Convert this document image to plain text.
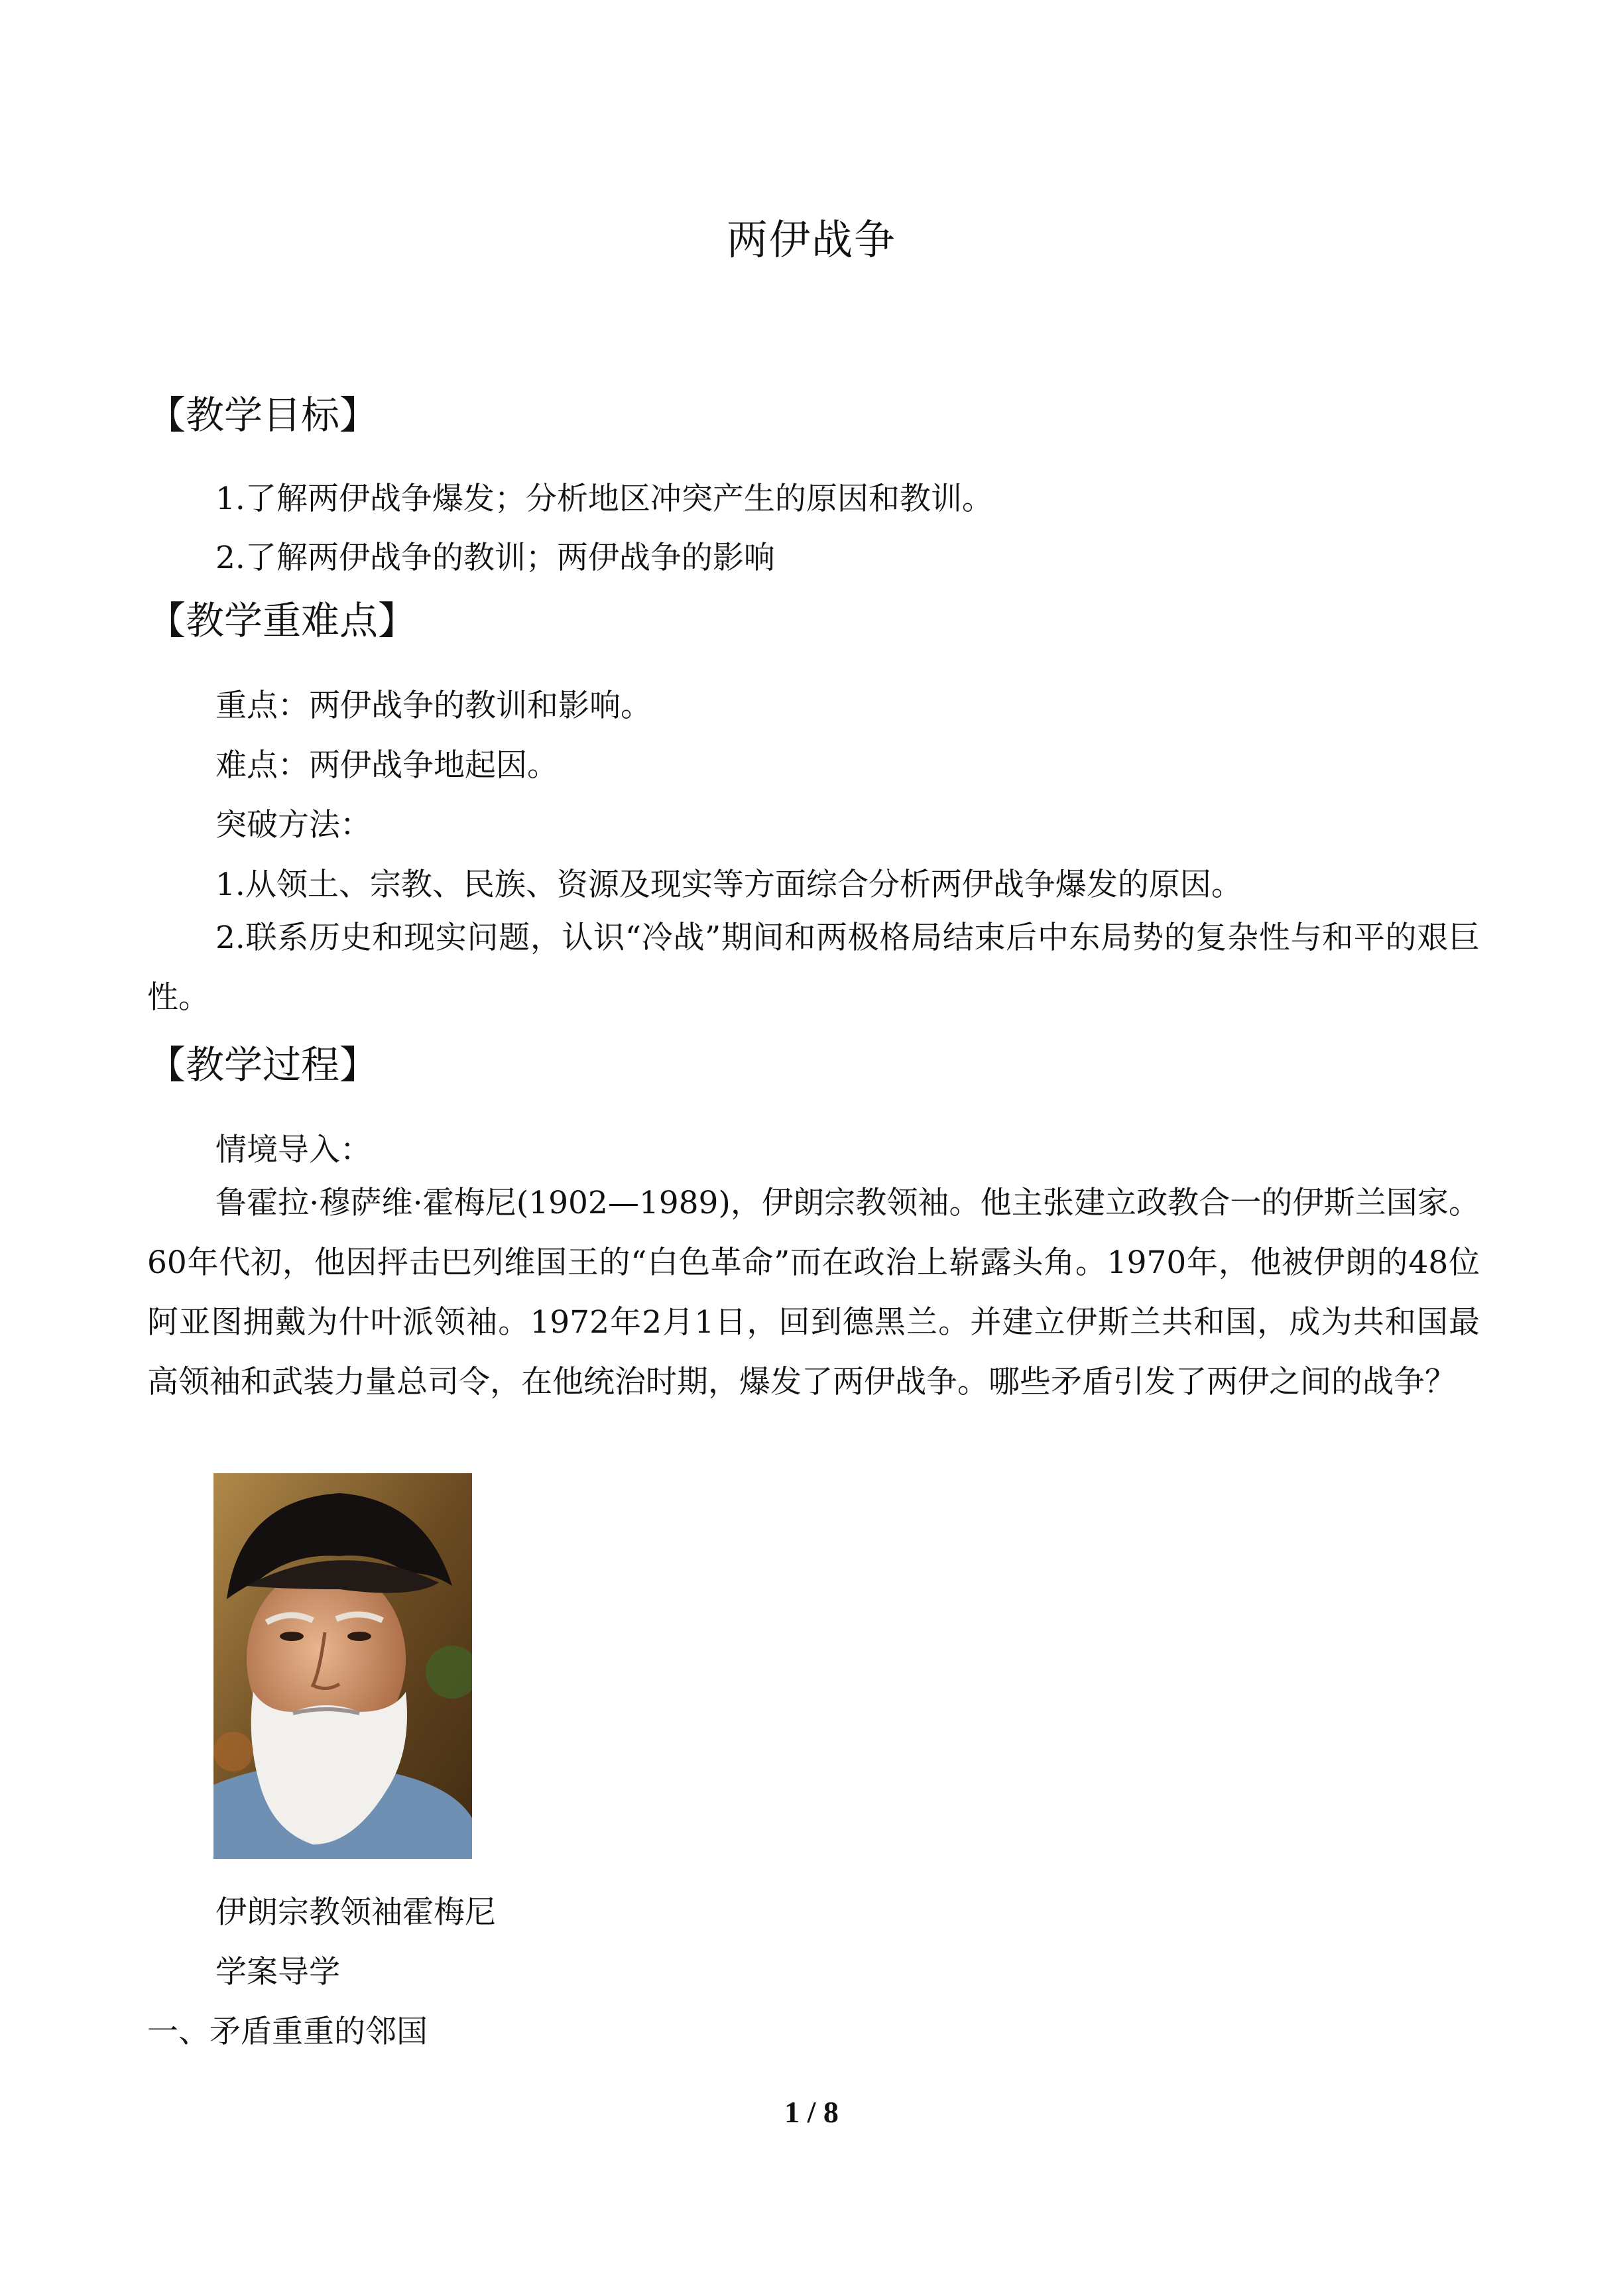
两伊战争
【教学目标】
1.了解两伊战争爆发；分析地区冲突产生的原因和教训。
2.了解两伊战争的教训；两伊战争的影响
【教学重难点】
重点：两伊战争的教训和影响。
难点：两伊战争地起因。
突破方法：
1.从领土、宗教、民族、资源及现实等方面综合分析两伊战争爆发的原因。
2.联系历史和现实问题，认识“冷战”期间和两极格局结束后中东局势的复杂性与和平的艰巨性。
【教学过程】
情境导入：
鲁霍拉·穆萨维·霍梅尼(1902—1989)，伊朗宗教领袖。他主张建立政教合一的伊斯兰国家。60年代初，他因抨击巴列维国王的“白色革命”而在政治上崭露头角。1970年，他被伊朗的48位阿亚图拥戴为什叶派领袖。1972年2月1日，回到德黑兰。并建立伊斯兰共和国，成为共和国最高领袖和武装力量总司令，在他统治时期，爆发了两伊战争。哪些矛盾引发了两伊之间的战争？
伊朗宗教领袖霍梅尼
学案导学
一、矛盾重重的邻国
1 / 8
